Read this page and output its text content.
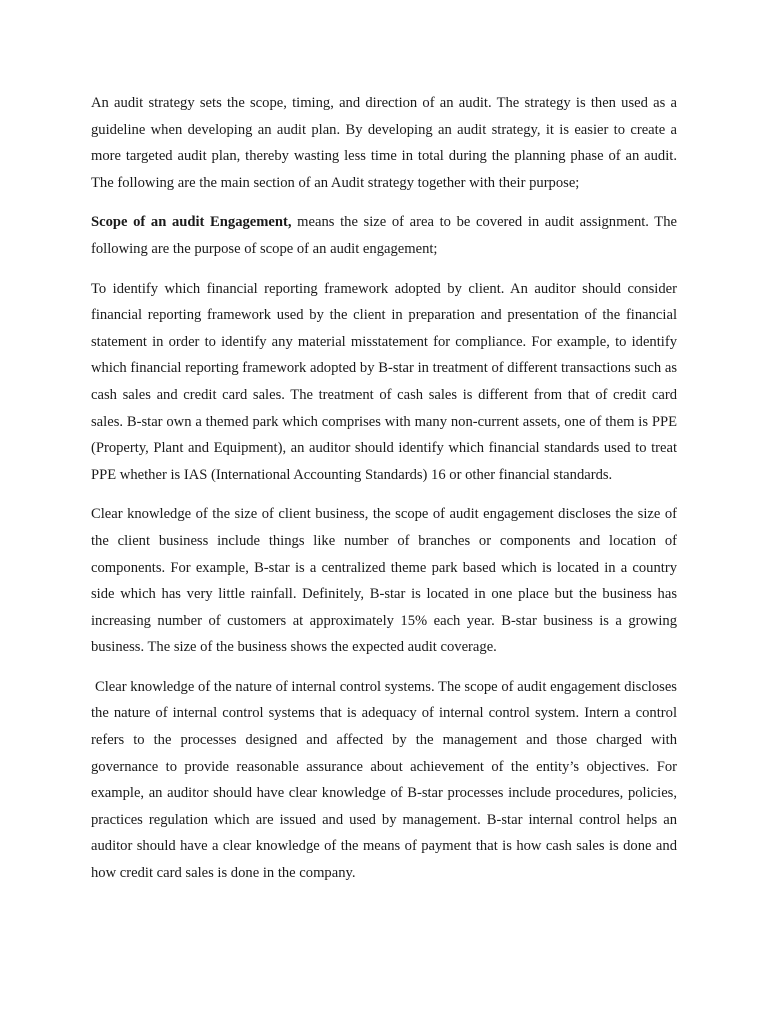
An audit strategy sets the scope, timing, and direction of an audit. The strategy is then used as a guideline when developing an audit plan. By developing an audit strategy, it is easier to create a more targeted audit plan, thereby wasting less time in total during the planning phase of an audit. The following are the main section of an Audit strategy together with their purpose;

Scope of an audit Engagement, means the size of area to be covered in audit assignment. The following are the purpose of scope of an audit engagement;

To identify which financial reporting framework adopted by client. An auditor should consider financial reporting framework used by the client in preparation and presentation of the financial statement in order to identify any material misstatement for compliance. For example, to identify which financial reporting framework adopted by B-star in treatment of different transactions such as cash sales and credit card sales. The treatment of cash sales is different from that of credit card sales. B-star own a themed park which comprises with many non-current assets, one of them is PPE (Property, Plant and Equipment), an auditor should identify which financial standards used to treat PPE whether is IAS (International Accounting Standards) 16 or other financial standards.

Clear knowledge of the size of client business, the scope of audit engagement discloses the size of the client business include things like number of branches or components and location of components. For example, B-star is a centralized theme park based which is located in a country side which has very little rainfall. Definitely, B-star is located in one place but the business has increasing number of customers at approximately 15% each year. B-star business is a growing business. The size of the business shows the expected audit coverage.

Clear knowledge of the nature of internal control systems. The scope of audit engagement discloses the nature of internal control systems that is adequacy of internal control system. Intern a control refers to the processes designed and affected by the management and those charged with governance to provide reasonable assurance about achievement of the entity’s objectives. For example, an auditor should have clear knowledge of B-star processes include procedures, policies, practices regulation which are issued and used by management. B-star internal control helps an auditor should have a clear knowledge of the means of payment that is how cash sales is done and how credit card sales is done in the company.
